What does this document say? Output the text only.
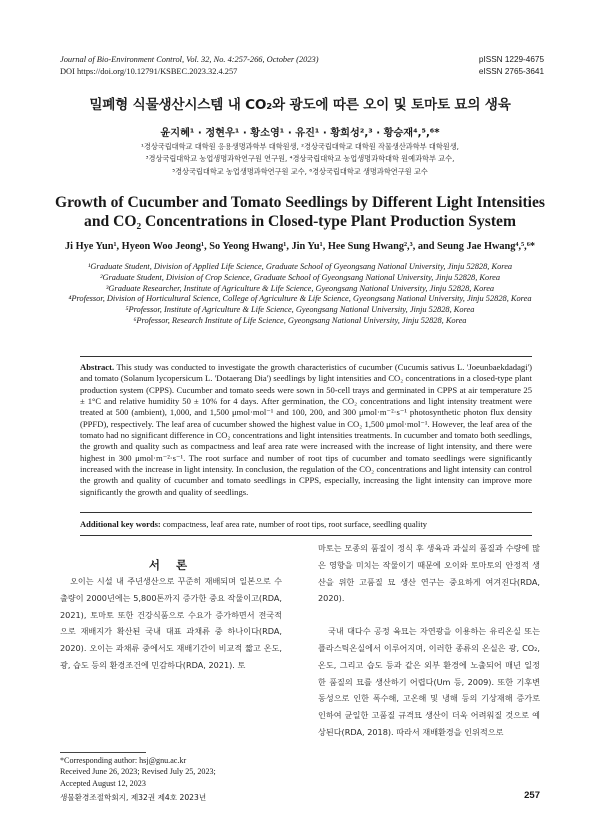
Journal of Bio-Environment Control, Vol. 32, No. 4:257-266, October (2023)
DOI https://doi.org/10.12791/KSBEC.2023.32.4.257
pISSN 1229-4675
eISSN 2765-3641
밀폐형 식물생산시스템 내 CO₂와 광도에 따른 오이 및 토마토 묘의 생육
윤지혜¹ · 정현우¹ · 황소영¹ · 유진¹ · 황희성²,³ · 황승재⁴,⁵,⁶*
¹경상국립대학교 대학원 응용생명과학부 대학원생, ²경상국립대학교 대학원 작물생산과학부 대학원생,
³경상국립대학교 농업생명과학연구원 연구원, ⁴경상국립대학교 농업생명과학대학 원예과학부 교수,
⁵경상국립대학교 농업생명과학연구원 교수, ⁶경상국립대학교 생명과학연구원 교수
Growth of Cucumber and Tomato Seedlings by Different Light Intensities
and CO₂ Concentrations in Closed-type Plant Production System
Ji Hye Yun¹, Hyeon Woo Jeong¹, So Yeong Hwang¹, Jin Yu¹, Hee Sung Hwang²,³, and Seung Jae Hwang⁴,⁵,⁶*
¹Graduate Student, Division of Applied Life Science, Graduate School of Gyeongsang National University, Jinju 52828, Korea
²Graduate Student, Division of Crop Science, Graduate School of Gyeongsang National University, Jinju 52828, Korea
³Graduate Researcher, Institute of Agriculture & Life Science, Gyeongsang National University, Jinju 52828, Korea
⁴Professor, Division of Horticultural Science, College of Agriculture & Life Science, Gyeongsang National University, Jinju 52828, Korea
⁵Professor, Institute of Agriculture & Life Science, Gyeongsang National University, Jinju 52828, Korea
⁶Professor, Research Institute of Life Science, Gyeongsang National University, Jinju 52828, Korea
Abstract. This study was conducted to investigate the growth characteristics of cucumber (Cucumis sativus L. 'Joeunbaekdadagi') and tomato (Solanum lycopersicum L. 'Dotaerang Dia') seedlings by light intensities and CO₂ concentrations in a closed-type plant production system (CPPS). Cucumber and tomato seeds were sown in 50-cell trays and germinated in CPPS at air temperature 25 ± 1°C and relative humidity 50 ± 10% for 4 days. After germination, the CO₂ concentrations and light intensity treatment were treated at 500 (ambient), 1,000, and 1,500 μmol·mol⁻¹ and 100, 200, and 300 μmol·m⁻²·s⁻¹ photosynthetic photon flux density (PPFD), respectively. The leaf area of cucumber showed the highest value in CO₂ 1,500 μmol·mol⁻¹. However, the leaf area of the tomato had no significant difference in CO₂ concentrations and light intensities treatments. In cucumber and tomato both seedlings, the growth and quality such as compactness and leaf area rate were increased with the increase of light intensity, and there were highest in 300 μmol·m⁻²·s⁻¹. The root surface and number of root tips of cucumber and tomato seedlings were significantly increased with the increase in light intensity. In conclusion, the regulation of the CO₂ concentrations and light intensity can control the growth and quality of cucumber and tomato seedlings in CPPS, especially, increasing the light intensity can improve more significantly the growth and quality of seedlings.
Additional key words: compactness, leaf area rate, number of root tips, root surface, seedling quality
서 론
오이는 시설 내 주년생산으로 꾸준히 재배되며 일본으로 수출량이 2000년에는 5,800톤까지 증가한 중요 작물이고(RDA, 2021), 토마토 또한 건강식품으로 수요가 증가하면서 전국적으로 재배지가 확산된 국내 대표 과채류 중 하나이다(RDA, 2020). 오이는 과채류 중에서도 재배기간이 비교적 짧고 온도, 광, 습도 등의 환경조건에 민감하다(RDA, 2021). 토

마토는 모종의 품질이 정식 후 생육과 과실의 품질과 수량에 많은 영향을 미치는 작물이기 때문에 오이와 토마토의 안정적 생산을 위한 고품질 묘 생산 연구는 중요하게 여겨진다(RDA, 2020).

국내 대다수 공정 육묘는 자연광을 이용하는 유리온실 또는 플라스틱온실에서 이루어지며, 이러한 종류의 온실은 광, CO₂, 온도, 그리고 습도 등과 같은 외부 환경에 노출되어 매년 일정한 품질의 묘를 생산하기 어렵다(Um 등, 2009). 또한 기후변동성으로 인한 폭수해, 고온해 및 냉해 등의 기상재해 증가로 인하여 균일한 고품질 규격묘 생산이 더욱 어려워질 것으로 예상된다(RDA, 2018). 따라서 재배환경을 인위적으로

*Corresponding author: hsj@gnu.ac.kr
Received June 26, 2023; Revised July 25, 2023;
Accepted August 12, 2023
생물환경조절학회지, 제32권 제4호 2023년	257
